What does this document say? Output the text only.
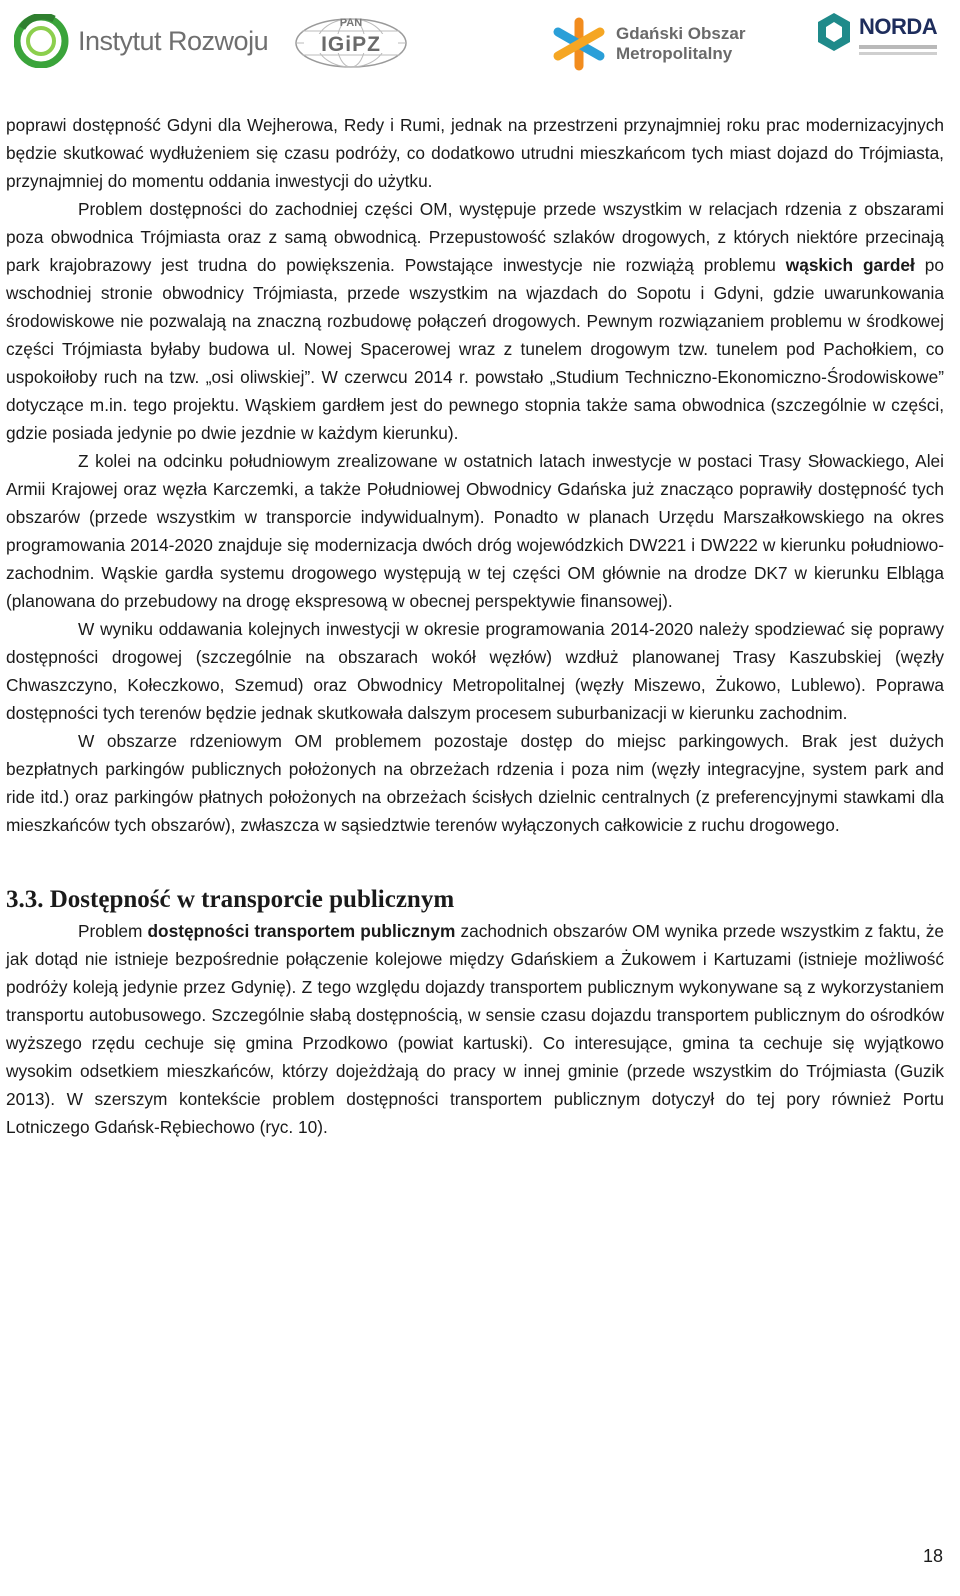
Instytut Rozwoju
PAN
IGiPZ	Gdański Obszar
Metropolitalny
NORDA

poprawi dostępność Gdyni dla Wejherowa, Redy i Rumi, jednak na przestrzeni przynajmniej roku prac modernizacyjnych będzie skutkować wydłużeniem się czasu podróży, co dodatkowo utrudni mieszkańcom tych miast dojazd do Trójmiasta, przynajmniej do momentu oddania inwestycji do użytku.

Problem dostępności do zachodniej części OM, występuje przede wszystkim w relacjach rdzenia z obszarami poza obwodnica Trójmiasta oraz z samą obwodnicą. Przepustowość szlaków drogowych, z których niektóre przecinają park krajobrazowy jest trudna do powiększenia. Powstające inwestycje nie rozwiążą problemu wąskich gardeł po wschodniej stronie obwodnicy Trójmiasta, przede wszystkim na wjazdach do Sopotu i Gdyni, gdzie uwarunkowania środowiskowe nie pozwalają na znaczną rozbudowę połączeń drogowych. Pewnym rozwiązaniem problemu w środkowej części Trójmiasta byłaby budowa ul. Nowej Spacerowej wraz z tunelem drogowym tzw. tunelem pod Pachołkiem, co uspokoiłoby ruch na tzw. „osi oliwskiej”. W czerwcu 2014 r. powstało „Studium Techniczno-Ekonomiczno-Środowiskowe” dotyczące m.in. tego projektu. Wąskiem gardłem jest do pewnego stopnia także sama obwodnica (szczególnie w części, gdzie posiada jedynie po dwie jezdnie w każdym kierunku).

Z kolei na odcinku południowym zrealizowane w ostatnich latach inwestycje w postaci Trasy Słowackiego, Alei Armii Krajowej oraz węzła Karczemki, a także Południowej Obwodnicy Gdańska już znacząco poprawiły dostępność tych obszarów (przede wszystkim w transporcie indywidualnym). Ponadto w planach Urzędu Marszałkowskiego na okres programowania 2014-2020 znajduje się modernizacja dwóch dróg wojewódzkich DW221 i DW222 w kierunku południowo-zachodnim. Wąskie gardła systemu drogowego występują w tej części OM głównie na drodze DK7 w kierunku Elbląga (planowana do przebudowy na drogę ekspresową w obecnej perspektywie finansowej).

W wyniku oddawania kolejnych inwestycji w okresie programowania 2014-2020 należy spodziewać się poprawy dostępności drogowej (szczególnie na obszarach wokół węzłów) wzdłuż planowanej Trasy Kaszubskiej (węzły Chwaszczyno, Kołeczkowo, Szemud) oraz Obwodnicy Metropolitalnej (węzły Miszewo, Żukowo, Lublewo). Poprawa dostępności tych terenów będzie jednak skutkowała dalszym procesem suburbanizacji w kierunku zachodnim.

W obszarze rdzeniowym OM problemem pozostaje dostęp do miejsc parkingowych. Brak jest dużych bezpłatnych parkingów publicznych położonych na obrzeżach rdzenia i poza nim (węzły integracyjne, system park and ride itd.) oraz parkingów płatnych położonych na obrzeżach ścisłych dzielnic centralnych (z preferencyjnymi stawkami dla mieszkańców tych obszarów), zwłaszcza w sąsiedztwie terenów wyłączonych całkowicie z ruchu drogowego.

3.3. Dostępność w transporcie publicznym

Problem dostępności transportem publicznym zachodnich obszarów OM wynika przede wszystkim z faktu, że jak dotąd nie istnieje bezpośrednie połączenie kolejowe między Gdańskiem a Żukowem i Kartuzami (istnieje możliwość podróży koleją jedynie przez Gdynię). Z tego względu dojazdy transportem publicznym wykonywane są z wykorzystaniem transportu autobusowego. Szczególnie słabą dostępnością, w sensie czasu dojazdu transportem publicznym do ośrodków wyższego rzędu cechuje się gmina Przodkowo (powiat kartuski). Co interesujące, gmina ta cechuje się wyjątkowo wysokim odsetkiem mieszkańców, którzy dojeżdżają do pracy w innej gminie (przede wszystkim do Trójmiasta (Guzik 2013). W szerszym kontekście problem dostępności transportem publicznym dotyczył do tej pory również Portu Lotniczego Gdańsk-Rębiechowo (ryc. 10).

18
